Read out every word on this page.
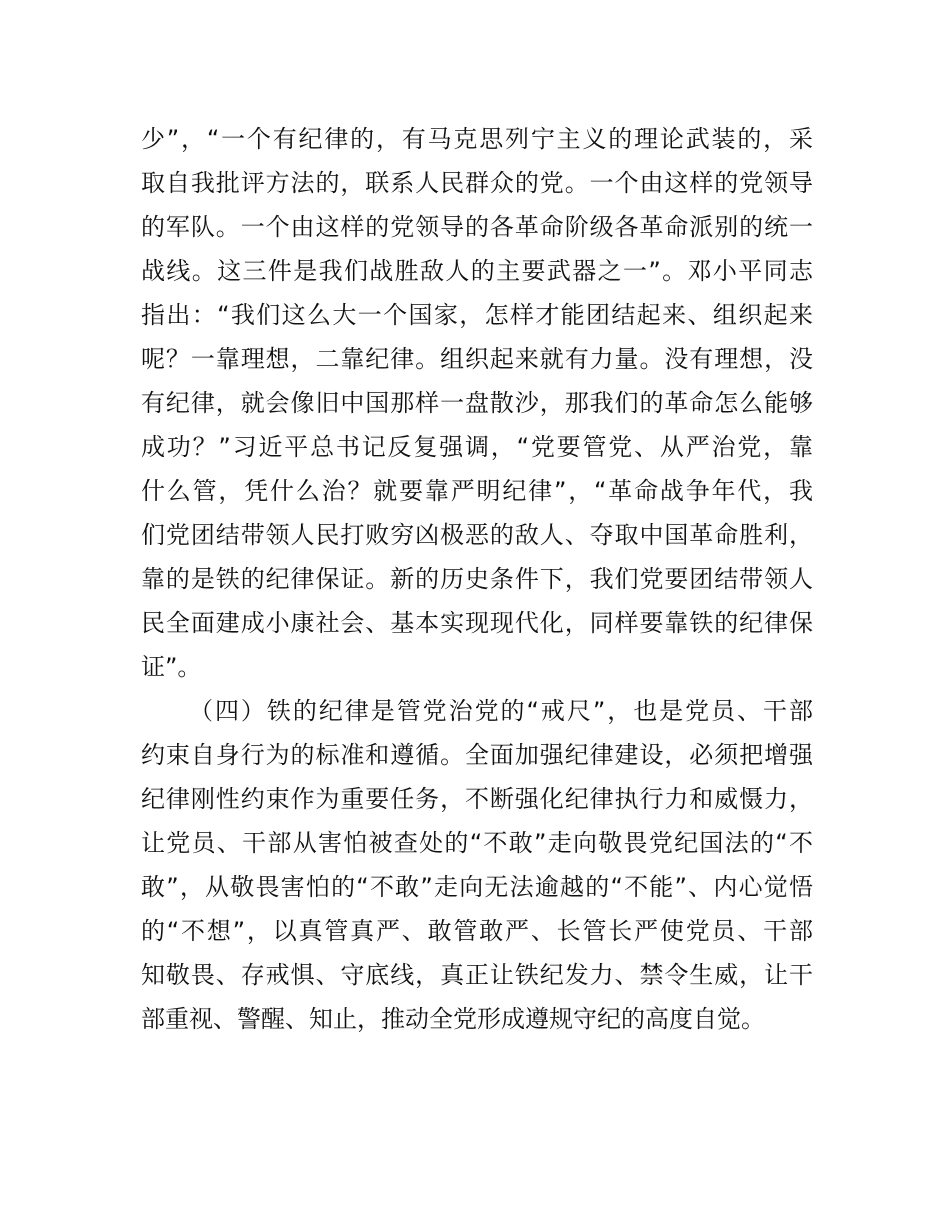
少”，“一个有纪律的，有马克思列宁主义的理论武装的，采
取自我批评方法的，联系人民群众的党。一个由这样的党领导
的军队。一个由这样的党领导的各革命阶级各革命派别的统一
战线。这三件是我们战胜敌人的主要武器之一”。邓小平同志
指出：“我们这么大一个国家，怎样才能团结起来、组织起来
呢？一靠理想，二靠纪律。组织起来就有力量。没有理想，没
有纪律，就会像旧中国那样一盘散沙，那我们的革命怎么能够
成功？”习近平总书记反复强调，“党要管党、从严治党，靠
什么管，凭什么治？就要靠严明纪律”，“革命战争年代，我
们党团结带领人民打败穷凶极恶的敌人、夺取中国革命胜利，
靠的是铁的纪律保证。新的历史条件下，我们党要团结带领人
民全面建成小康社会、基本实现现代化，同样要靠铁的纪律保
证”。
（四）铁的纪律是管党治党的“戒尺”，也是党员、干部
约束自身行为的标准和遵循。全面加强纪律建设，必须把增强
纪律刚性约束作为重要任务，不断强化纪律执行力和威慑力，
让党员、干部从害怕被查处的“不敢”走向敬畏党纪国法的“不
敢”，从敬畏害怕的“不敢”走向无法逾越的“不能”、内心觉悟
的“不想”，以真管真严、敢管敢严、长管长严使党员、干部
知敬畏、存戒惧、守底线，真正让铁纪发力、禁令生威，让干
部重视、警醒、知止，推动全党形成遵规守纪的高度自觉。
